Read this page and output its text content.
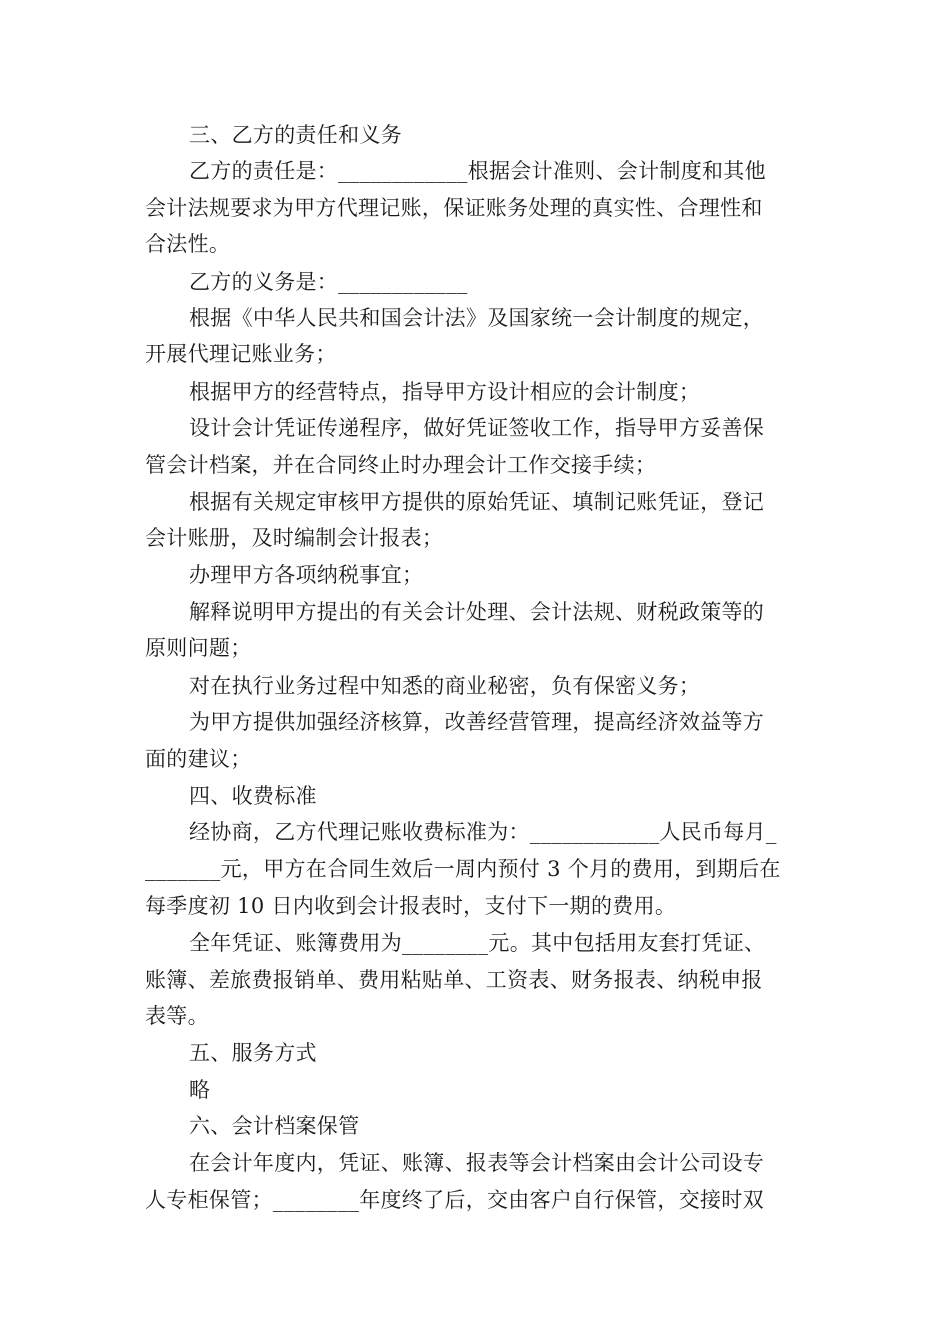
三、乙方的责任和义务
乙方的责任是：____________根据会计准则、会计制度和其他
会计法规要求为甲方代理记账，保证账务处理的真实性、合理性和
合法性。
乙方的义务是：____________
根据《中华人民共和国会计法》及国家统一会计制度的规定，
开展代理记账业务；
根据甲方的经营特点，指导甲方设计相应的会计制度；
设计会计凭证传递程序，做好凭证签收工作，指导甲方妥善保
管会计档案，并在合同终止时办理会计工作交接手续；
根据有关规定审核甲方提供的原始凭证、填制记账凭证，登记
会计账册，及时编制会计报表；
办理甲方各项纳税事宜；
解释说明甲方提出的有关会计处理、会计法规、财税政策等的
原则问题；
对在执行业务过程中知悉的商业秘密，负有保密义务；
为甲方提供加强经济核算，改善经营管理，提高经济效益等方
面的建议；
四、收费标准
经协商，乙方代理记账收费标准为：____________人民币每月_
_______元，甲方在合同生效后一周内预付 3 个月的费用，到期后在
每季度初 10 日内收到会计报表时，支付下一期的费用。
全年凭证、账簿费用为________元。其中包括用友套打凭证、
账簿、差旅费报销单、费用粘贴单、工资表、财务报表、纳税申报
表等。
五、服务方式
略
六、会计档案保管
在会计年度内，凭证、账簿、报表等会计档案由会计公司设专
人专柜保管；________年度终了后，交由客户自行保管，交接时双
